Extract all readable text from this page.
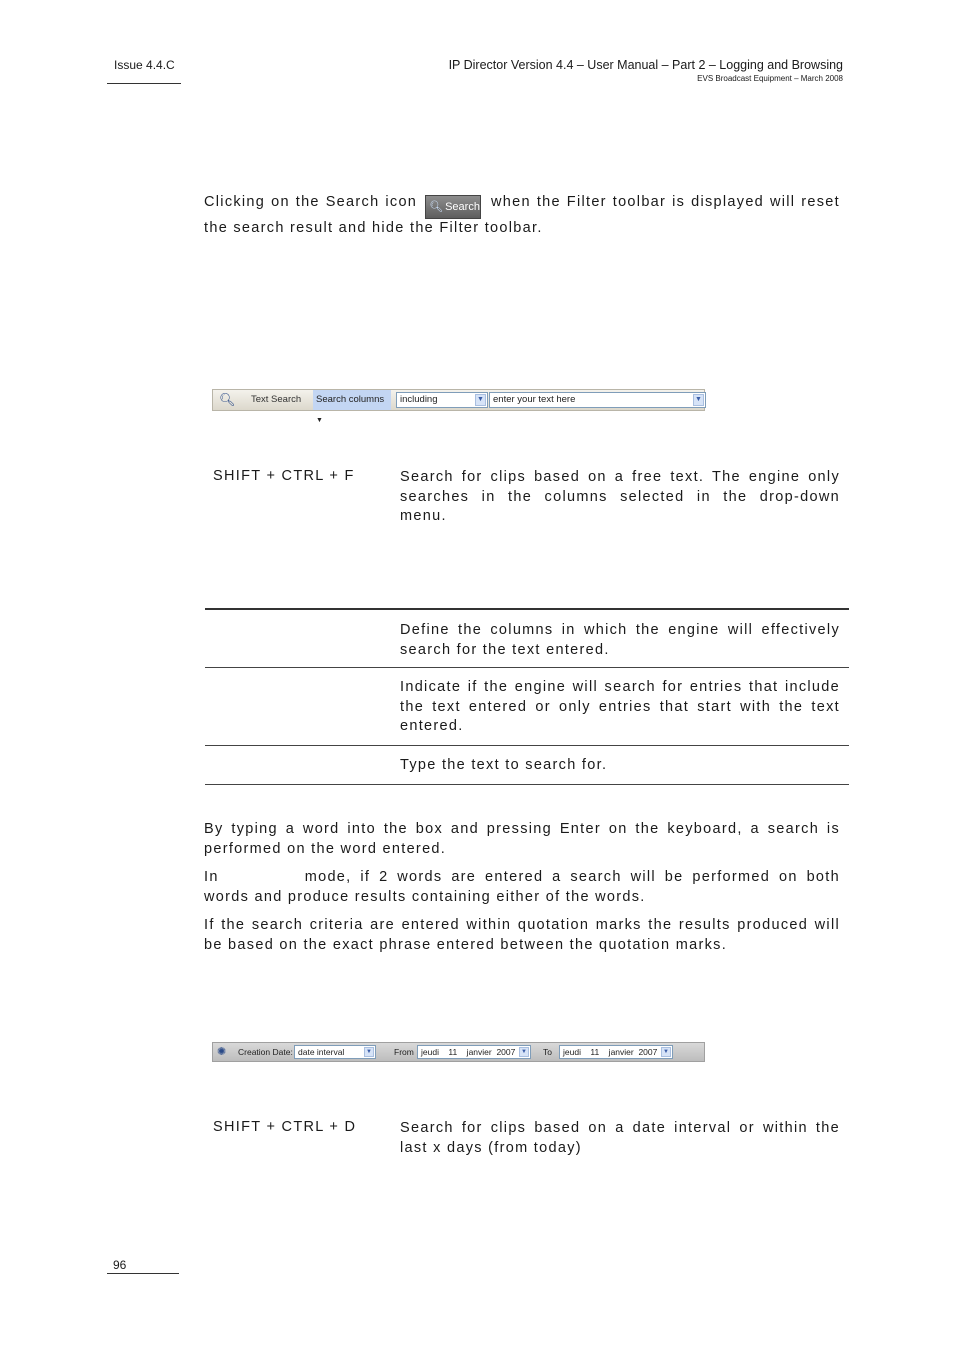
Issue 4.4.C	IP Director Version 4.4 – User Manual – Part 2 – Logging and Browsing
EVS Broadcast Equipment – March 2008
Clicking on the Search icon 🔍︎ Search when the Filter toolbar is displayed will reset the search result and hide the Filter toolbar.
🔍︎ Text Search	Search columns ▼
including	▼ enter your text here	▼
SHIFT + CTRL + F	Search for clips based on a free text. The engine only searches in the columns selected in the drop-down menu.
Define the columns in which the engine will effectively search for the text entered.
Indicate if the engine will search for entries that include the text entered or only entries that start with the text entered.
Type the text to search for.
By typing a word into the box and pressing Enter on the keyboard, a search is performed on the word entered.
In	mode, if 2 words are entered a search will be performed on both words and produce results containing either of the words.
If the search criteria are entered within quotation marks the results produced will be based on the exact phrase entered between the quotation marks.
✺ Creation Date: date interval	▼	From jeudi    11    janvier  2007 ▼ To	jeudi    11    janvier  2007 ▼
SHIFT + CTRL + D	Search for clips based on a date interval or within the last x days (from today)
96
